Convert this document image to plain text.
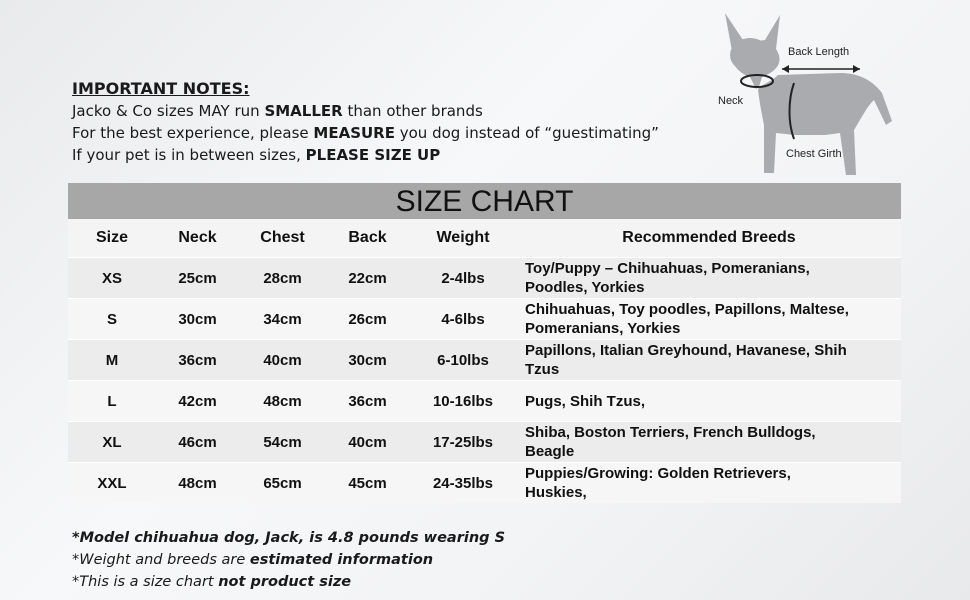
IMPORTANT NOTES:
Jacko & Co sizes MAY run SMALLER than other brands
For the best experience, please MEASURE you dog instead of “guestimating”
If your pet is in between sizes, PLEASE SIZE UP
Back Length
Neck
Chest Girth
SIZE CHART
Size	Neck	Chest	Back	Weight	Recommended Breeds
XS	25cm	28cm	22cm	2-4lbs	Toy/Puppy – Chihuahuas, Pomeranians,
Poodles, Yorkies

S	30cm	34cm	26cm	4-6lbs	Chihuahuas, Toy poodles, Papillons, Maltese,
Pomeranians, Yorkies

M	36cm	40cm	30cm	6-10lbs	Papillons, Italian Greyhound, Havanese, Shih
Tzus

L	42cm	48cm	36cm	10-16lbs	Pugs, Shih Tzus,

XL	46cm	54cm	40cm	17-25lbs	Shiba, Boston Terriers, French Bulldogs,
Beagle

XXL	48cm	65cm	45cm	24-35lbs	Puppies/Growing: Golden Retrievers,
Huskies,
*Model chihuahua dog, Jack, is 4.8 pounds wearing S
*Weight and breeds are estimated information
*This is a size chart not product size
